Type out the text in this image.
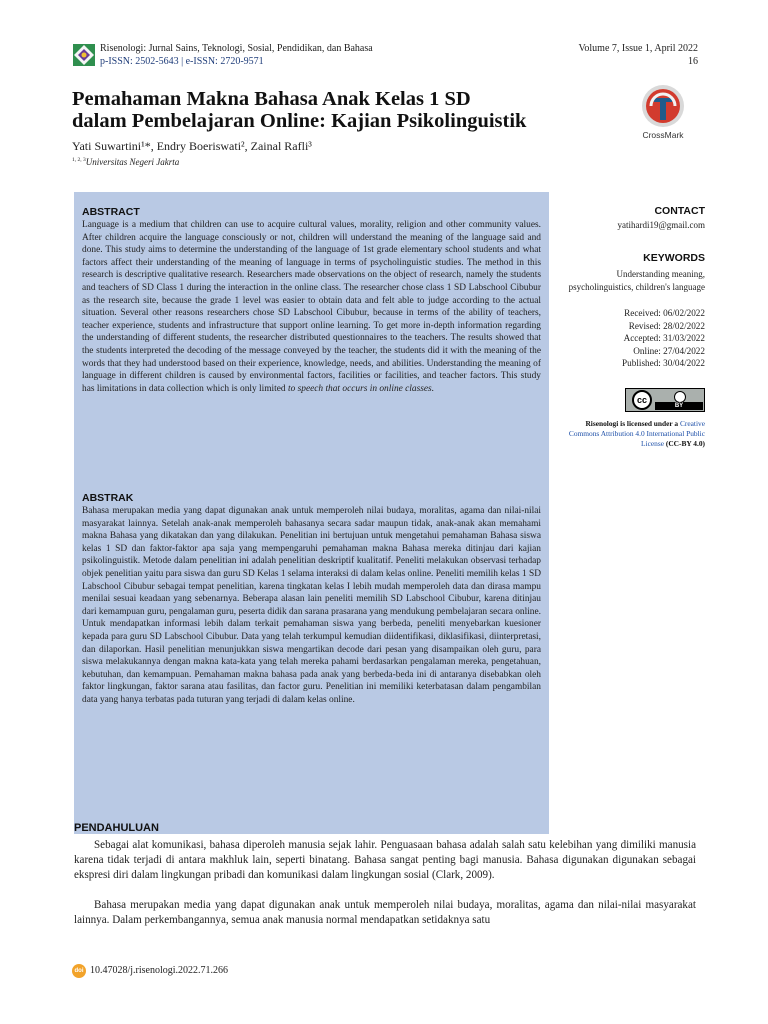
Risenologi: Jurnal Sains, Teknologi, Sosial, Pendidikan, dan Bahasa
p-ISSN: 2502-5643 | e-ISSN: 2720-9571
Volume 7, Issue 1, April 2022
16
Pemahaman Makna Bahasa Anak Kelas 1 SD
dalam Pembelajaran Online: Kajian Psikolinguistik
Yati Suwartini¹*, Endry Boeriswati², Zainal Rafli³
$^{1, 2, 3}$Universitas Negeri Jakrta
CrossMark
ABSTRACT
Language is a medium that children can use to acquire cultural values, morality, religion and other community values. After children acquire the language consciously or not, children will understand the meaning of the language said and done. This study aims to determine the understanding of the language of 1st grade elementary school students and what factors affect their understanding of the meaning of language in terms of psycholinguistic studies. The method in this research is descriptive qualitative research. Researchers made observations on the object of research, namely the students and teachers of SD Class 1 during the interaction in the online class. The researcher chose class 1 SD Labschool Cibubur as the research site, because the grade 1 level was easier to obtain data and felt able to judge according to the actual situation. Several other reasons researchers chose SD Labschool Cibubur, because in terms of the ability of teachers, teacher experience, students and infrastructure that support online learning. To get more in-depth information regarding the understanding of different students, the researcher distributed questionnaires to the teachers. The results showed that the students interpreted the decoding of the message conveyed by the teacher, the students did it with the meaning of the words that they had understood based on their experience, knowledge, needs, and abilities. Understanding the meaning of language in different children is caused by environmental factors, facilities or facilities, and teacher factors. This study has limitations in data collection which is only limited to speech that occurs in online classes.
ABSTRAK
Bahasa merupakan media yang dapat digunakan anak untuk memperoleh nilai budaya, moralitas, agama dan nilai-nilai masyarakat lainnya. Setelah anak-anak memperoleh bahasanya secara sadar maupun tidak, anak-anak akan memahami makna Bahasa yang dikatakan dan yang dilakukan. Penelitian ini bertujuan untuk mengetahui pemahaman Bahasa siswa kelas 1 SD dan faktor-faktor apa saja yang mempengaruhi pemahaman makna Bahasa mereka ditinjau dari kajian psikolinguistik. Metode dalam penelitian ini adalah penelitian deskriptif kualitatif. Peneliti melakukan observasi terhadap objek penelitian yaitu para siswa dan guru SD Kelas 1 selama interaksi di dalam kelas online. Peneliti memilih kelas 1 SD Labschool Cibubur sebagai tempat penelitian, karena tingkatan kelas I lebih mudah memperoleh data dan dirasa mampu menilai sesuai keadaan yang sebenarnya. Beberapa alasan lain peneliti memilih SD Labschool Cibubur, karena ditinjau dari kemampuan guru, pengalaman guru, peserta didik dan sarana prasarana yang mendukung pembelajaran secara online. Untuk mendapatkan informasi lebih dalam terkait pemahaman siswa yang berbeda, peneliti menyebarkan kuesioner kepada para guru SD Labschool Cibubur. Data yang telah terkumpul kemudian diidentifikasi, diklasifikasi, diinterpretasi, dan dilaporkan. Hasil penelitian menunjukkan siswa mengartikan decode dari pesan yang disampaikan oleh guru, para siswa melakukannya dengan makna kata-kata yang telah mereka pahami berdasarkan pengalaman mereka, pengetahuan, kebutuhan, dan kemampuan. Pemahaman makna bahasa pada anak yang berbeda-beda ini di antaranya disebabkan oleh faktor lingkungan, faktor sarana atau fasilitas, dan factor guru. Penelitian ini memiliki keterbatasan dalam pengambilan data yang hanya terbatas pada tuturan yang terjadi di dalam kelas online.
CONTACT
yatihardi19@gmail.com
KEYWORDS
Understanding meaning, psycholinguistics, children's language
Received: 06/02/2022
Revised: 28/02/2022
Accepted: 31/03/2022
Online: 27/04/2022
Published: 30/04/2022
cc
BY
Risenologi is licensed under a Creative Commons Attribution 4.0 International Public License (CC-BY 4.0)
PENDAHULUAN
Sebagai alat komunikasi, bahasa diperoleh manusia sejak lahir. Penguasaan bahasa adalah salah satu kelebihan yang dimiliki manusia karena tidak terjadi di antara makhluk lain, seperti binatang. Bahasa sangat penting bagi manusia. Bahasa digunakan digunakan sebagai ekspresi diri dalam lingkungan pribadi dan komunikasi dalam lingkungan sosial (Clark, 2009).
Bahasa merupakan media yang dapat digunakan anak untuk memperoleh nilai budaya, moralitas, agama dan nilai-nilai masyarakat lainnya. Dalam perkembangannya, semua anak manusia normal mendapatkan setidaknya satu
doi 10.47028/j.risenologi.2022.71.266
